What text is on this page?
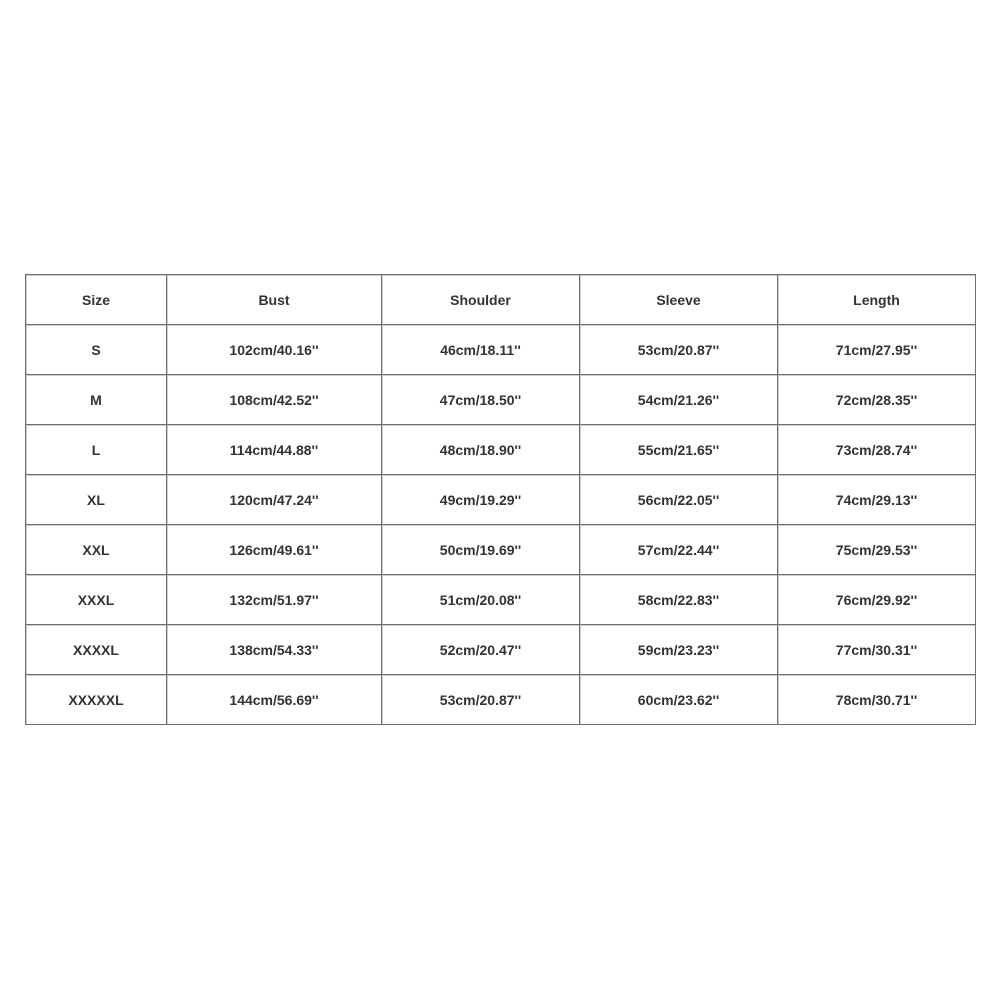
Size	Bust	Shoulder	Sleeve	Length
S	102cm/40.16''	46cm/18.11''	53cm/20.87''	71cm/27.95''
M	108cm/42.52''	47cm/18.50''	54cm/21.26''	72cm/28.35''
L	114cm/44.88''	48cm/18.90''	55cm/21.65''	73cm/28.74''
XL	120cm/47.24''	49cm/19.29''	56cm/22.05''	74cm/29.13''
XXL	126cm/49.61''	50cm/19.69''	57cm/22.44''	75cm/29.53''
XXXL	132cm/51.97''	51cm/20.08''	58cm/22.83''	76cm/29.92''
XXXXL	138cm/54.33''	52cm/20.47''	59cm/23.23''	77cm/30.31''
XXXXXL	144cm/56.69''	53cm/20.87''	60cm/23.62''	78cm/30.71''
